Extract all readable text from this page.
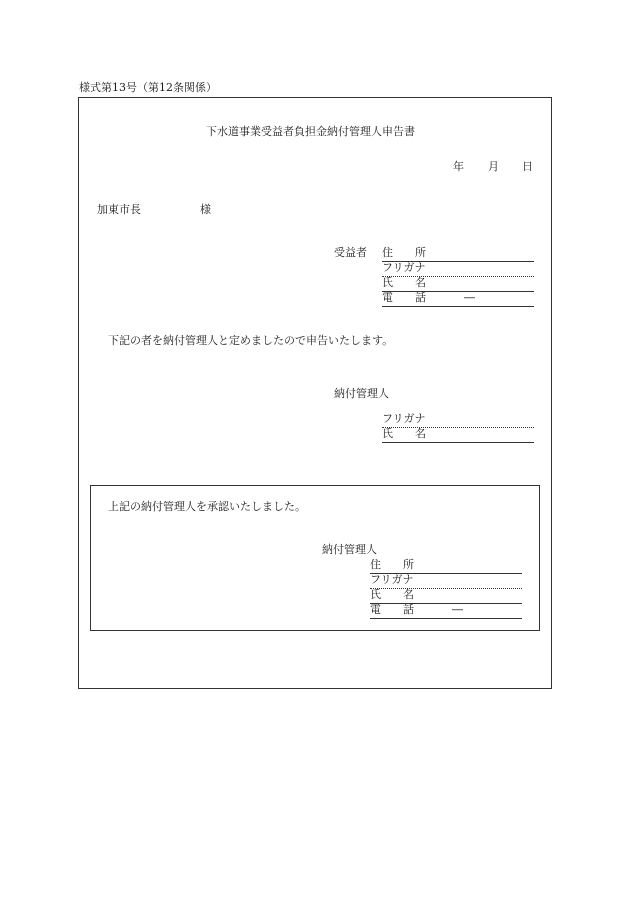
様式第13号（第12条関係）
下水道事業受益者負担金納付管理人申告書
年 月 日
加東市長	様
受益者 住　　所
フリガナ
氏　　名
電　　話	―
下記の者を納付管理人と定めましたので申告いたします。
納付管理人
フリガナ
氏　　名
上記の納付管理人を承認いたしました。
納付管理人
住　　所
フリガナ
氏　　名
電　　話	―
